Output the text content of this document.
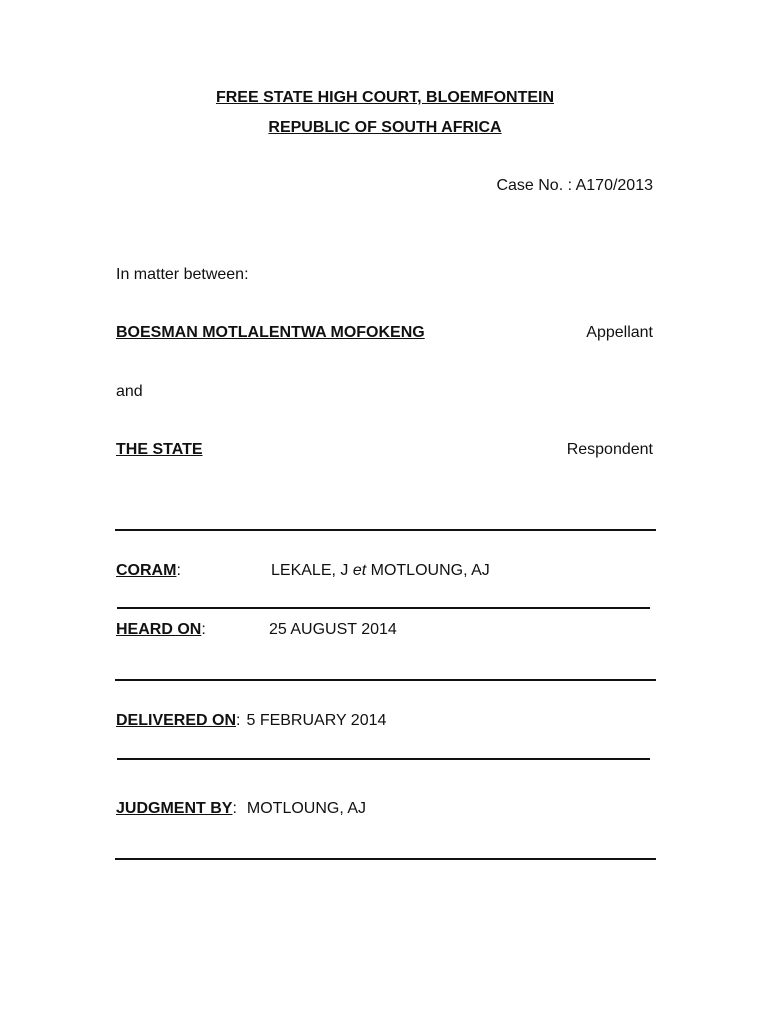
FREE STATE HIGH COURT, BLOEMFONTEIN
REPUBLIC OF SOUTH AFRICA
Case No. : A170/2013
In matter between:
BOESMAN MOTLALENTWA MOFOKENG	Appellant
and
THE STATE	Respondent
CORAM:	LEKALE, J et MOTLOUNG, AJ
HEARD ON:	25 AUGUST 2014
DELIVERED ON: 5 FEBRUARY 2014
JUDGMENT BY: MOTLOUNG, AJ
